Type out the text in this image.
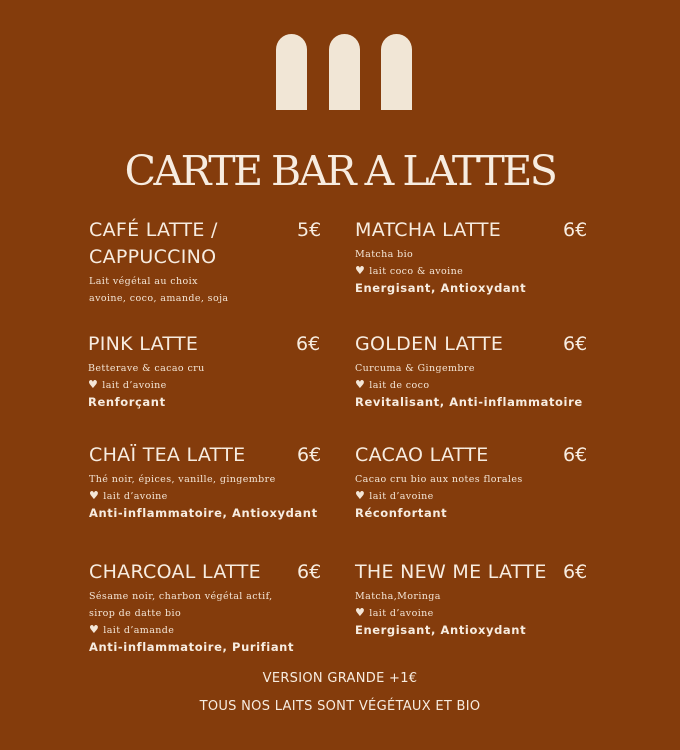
CARTE BAR A LATTES
CAFÉ LATTE /	5€
CAPPUCCINO
Lait végétal au choix
avoine, coco, amande, soja
PINK LATTE	6€
Betterave & cacao cru
♥ lait d’avoine
Renforçant
CHAÏ TEA LATTE	6€
Thé noir, épices, vanille, gingembre
♥ lait d’avoine
Anti-inflammatoire, Antioxydant
CHARCOAL LATTE	6€
Sésame noir, charbon végétal actif,
sirop de datte bio
♥ lait d’amande
Anti-inflammatoire, Purifiant
MATCHA LATTE	6€
Matcha bio
♥ lait coco & avoine
Energisant, Antioxydant
GOLDEN LATTE	6€
Curcuma & Gingembre
♥ lait de coco
Revitalisant, Anti-inflammatoire
CACAO LATTE	6€
Cacao cru bio aux notes florales
♥ lait d’avoine
Réconfortant
THE NEW ME LATTE 6€
Matcha,Moringa
♥ lait d’avoine
Energisant, Antioxydant
VERSION GRANDE +1€
TOUS NOS LAITS SONT VÉGÉTAUX ET BIO
